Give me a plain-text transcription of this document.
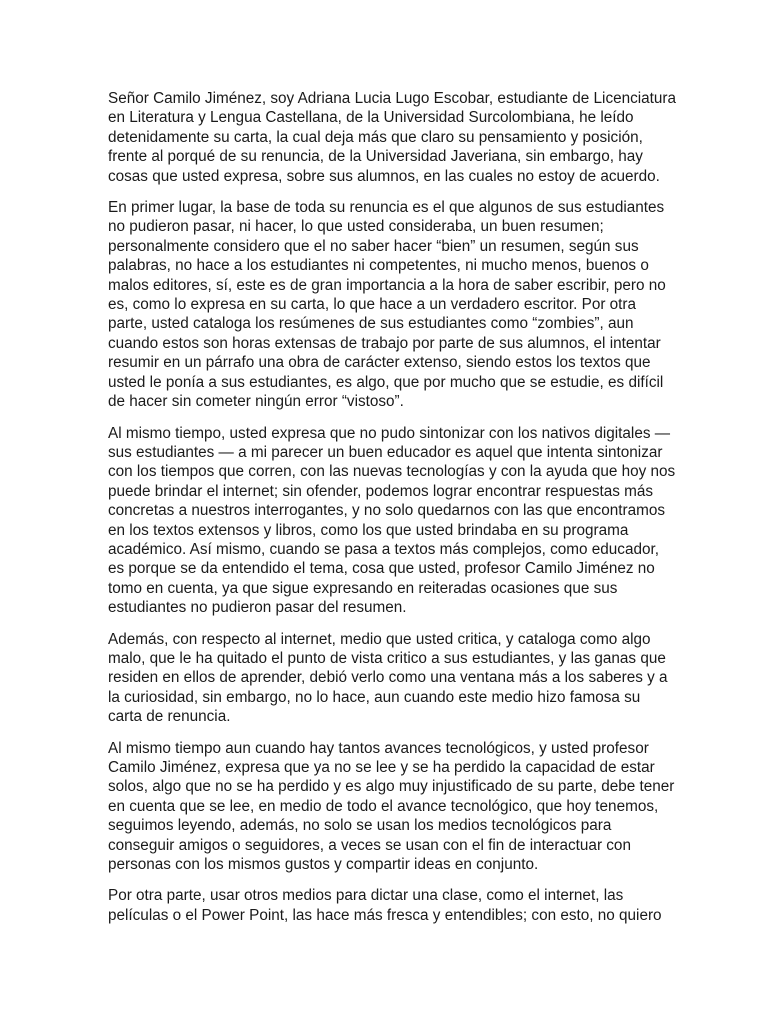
Señor Camilo Jiménez, soy Adriana Lucia Lugo Escobar, estudiante de Licenciatura en Literatura y Lengua Castellana, de la Universidad Surcolombiana, he leído detenidamente su carta, la cual deja más que claro su pensamiento y posición, frente al porqué de su renuncia, de la Universidad Javeriana, sin embargo, hay cosas que usted expresa, sobre sus alumnos, en las cuales no estoy de acuerdo.

En primer lugar, la base de toda su renuncia es el que algunos de sus estudiantes no pudieron pasar, ni hacer, lo que usted consideraba, un buen resumen; personalmente considero que el no saber hacer “bien” un resumen, según sus palabras, no hace a los estudiantes ni competentes, ni mucho menos, buenos o malos editores, sí, este es de gran importancia a la hora de saber escribir, pero no es, como lo expresa en su carta, lo que hace a un verdadero escritor. Por otra parte, usted cataloga los resúmenes de sus estudiantes como “zombies”, aun cuando estos son horas extensas de trabajo por parte de sus alumnos, el intentar resumir en un párrafo una obra de carácter extenso, siendo estos los textos que usted le ponía a sus estudiantes, es algo, que por mucho que se estudie, es difícil de hacer sin cometer ningún error “vistoso”.

Al mismo tiempo, usted expresa que no pudo sintonizar con los nativos digitales — sus estudiantes — a mi parecer un buen educador es aquel que intenta sintonizar con los tiempos que corren, con las nuevas tecnologías y con la ayuda que hoy nos puede brindar el internet; sin ofender, podemos lograr encontrar respuestas más concretas a nuestros interrogantes, y no solo quedarnos con las que encontramos en los textos extensos y libros, como los que usted brindaba en su programa académico. Así mismo, cuando se pasa a textos más complejos, como educador, es porque se da entendido el tema, cosa que usted, profesor Camilo Jiménez no tomo en cuenta, ya que sigue expresando en reiteradas ocasiones que sus estudiantes no pudieron pasar del resumen.

Además, con respecto al internet, medio que usted critica, y cataloga como algo malo, que le ha quitado el punto de vista critico a sus estudiantes, y las ganas que residen en ellos de aprender, debió verlo como una ventana más a los saberes y a la curiosidad, sin embargo, no lo hace, aun cuando este medio hizo famosa su carta de renuncia.

Al mismo tiempo aun cuando hay tantos avances tecnológicos, y usted profesor Camilo Jiménez, expresa que ya no se lee y se ha perdido la capacidad de estar solos, algo que no se ha perdido y es algo muy injustificado de su parte, debe tener en cuenta que se lee, en medio de todo el avance tecnológico, que hoy tenemos, seguimos leyendo, además, no solo se usan los medios tecnológicos para conseguir amigos o seguidores, a veces se usan con el fin de interactuar con personas con los mismos gustos y compartir ideas en conjunto.

Por otra parte, usar otros medios para dictar una clase, como el internet, las películas o el Power Point, las hace más fresca y entendibles; con esto, no quiero
